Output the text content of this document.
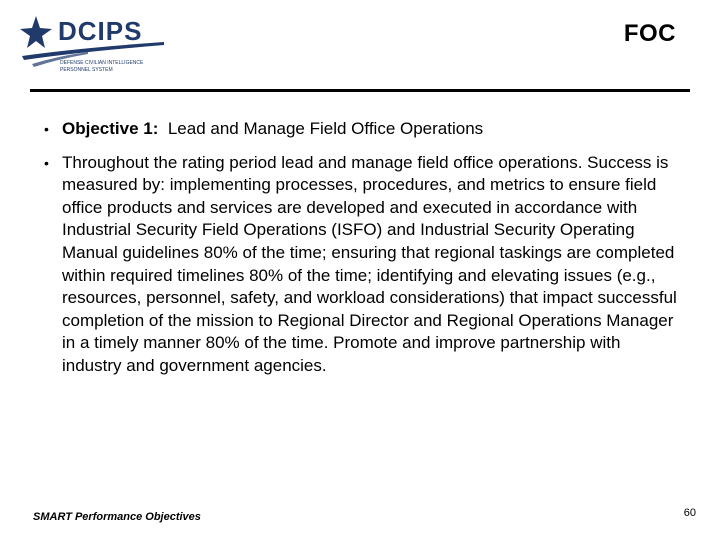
DCIPS
DEFENSE CIVILIAN INTELLIGENCE
PERSONNEL SYSTEM
FOC
• Objective 1: Lead and Manage Field Office Operations
• Throughout the rating period lead and manage field office operations. Success is measured by: implementing processes, procedures, and metrics to ensure field office products and services are developed and executed in accordance with Industrial Security Field Operations (ISFO) and Industrial Security Operating Manual guidelines 80% of the time; ensuring that regional taskings are completed within required timelines 80% of the time; identifying and elevating issues (e.g., resources, personnel, safety, and workload considerations) that impact successful completion of the mission to Regional Director and Regional Operations Manager in a timely manner 80% of the time. Promote and improve partnership with industry and government agencies.
SMART Performance Objectives	60
